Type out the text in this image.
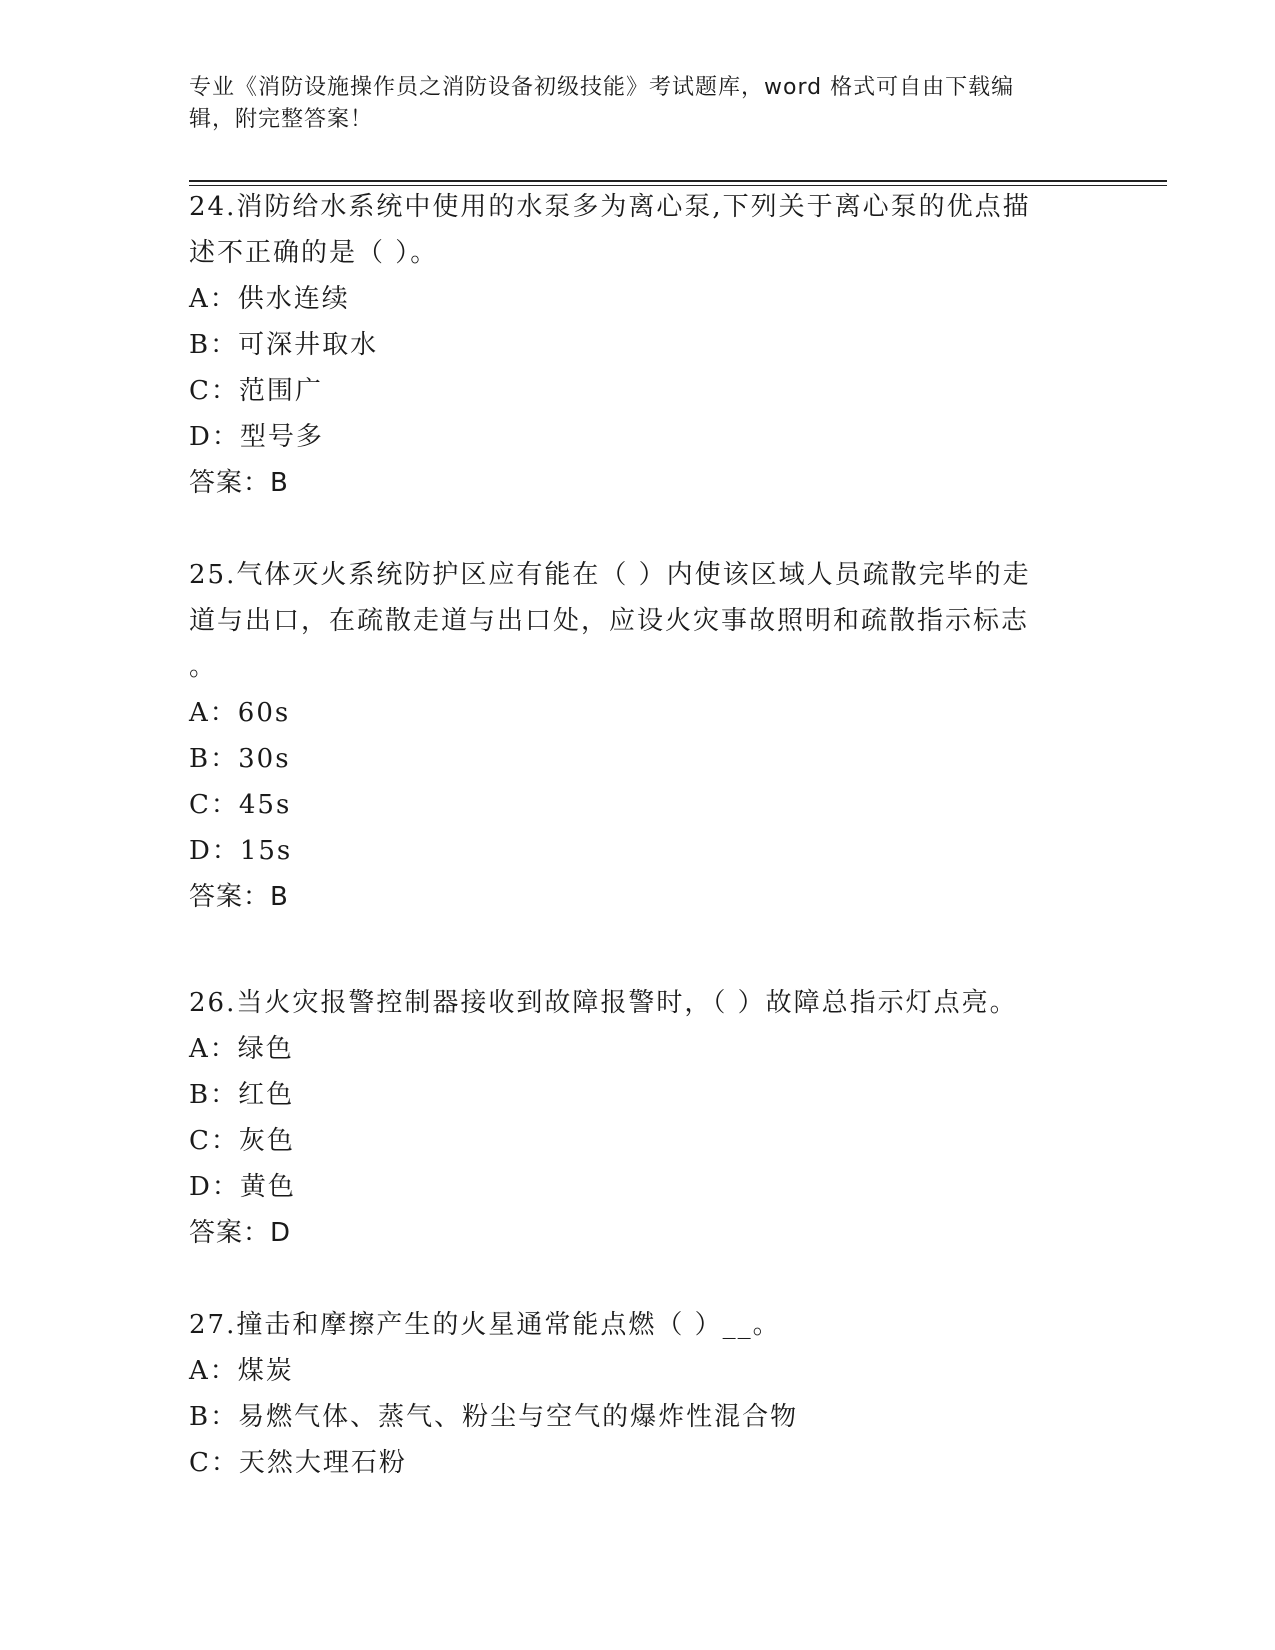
专业《消防设施操作员之消防设备初级技能》考试题库，word 格式可自由下载编
辑，附完整答案！
24.消防给水系统中使用的水泵多为离心泵,下列关于离心泵的优点描
述不正确的是（ ）。
A：供水连续
B：可深井取水
C：范围广
D：型号多
答案：B
25.气体灭火系统防护区应有能在（ ）内使该区域人员疏散完毕的走
道与出口，在疏散走道与出口处，应设火灾事故照明和疏散指示标志
。
A：60s
B：30s
C：45s
D：15s
答案：B
26.当火灾报警控制器接收到故障报警时，（ ）故障总指示灯点亮。
A：绿色
B：红色
C：灰色
D：黄色
答案：D
27.撞击和摩擦产生的火星通常能点燃（ ）__。
A：煤炭
B：易燃气体、蒸气、粉尘与空气的爆炸性混合物
C：天然大理石粉
